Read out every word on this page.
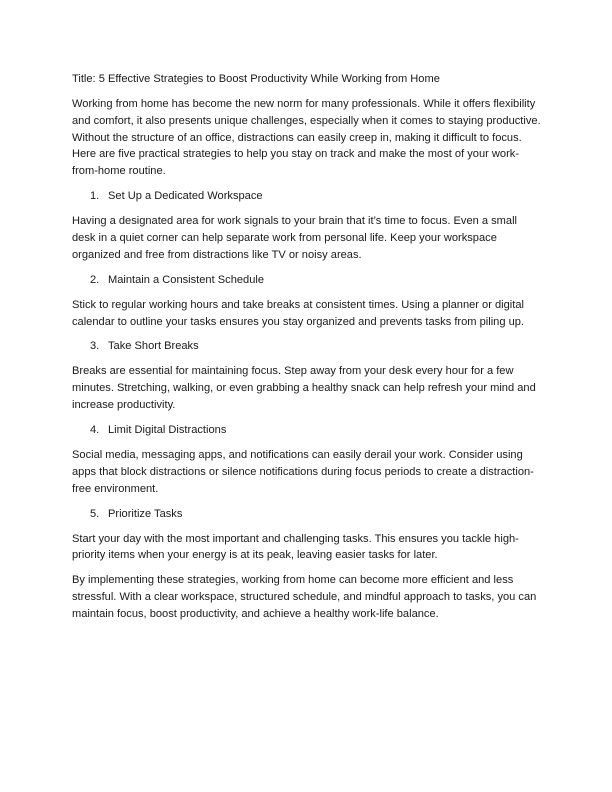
Title: 5 Effective Strategies to Boost Productivity While Working from Home

Working from home has become the new norm for many professionals. While it offers flexibility and comfort, it also presents unique challenges, especially when it comes to staying productive. Without the structure of an office, distractions can easily creep in, making it difficult to focus. Here are five practical strategies to help you stay on track and make the most of your work-from-home routine.

1. Set Up a Dedicated Workspace

Having a designated area for work signals to your brain that it’s time to focus. Even a small desk in a quiet corner can help separate work from personal life. Keep your workspace organized and free from distractions like TV or noisy areas.

2. Maintain a Consistent Schedule

Stick to regular working hours and take breaks at consistent times. Using a planner or digital calendar to outline your tasks ensures you stay organized and prevents tasks from piling up.

3. Take Short Breaks

Breaks are essential for maintaining focus. Step away from your desk every hour for a few minutes. Stretching, walking, or even grabbing a healthy snack can help refresh your mind and increase productivity.

4. Limit Digital Distractions

Social media, messaging apps, and notifications can easily derail your work. Consider using apps that block distractions or silence notifications during focus periods to create a distraction-free environment.

5. Prioritize Tasks

Start your day with the most important and challenging tasks. This ensures you tackle high-priority items when your energy is at its peak, leaving easier tasks for later.

By implementing these strategies, working from home can become more efficient and less stressful. With a clear workspace, structured schedule, and mindful approach to tasks, you can maintain focus, boost productivity, and achieve a healthy work-life balance.
